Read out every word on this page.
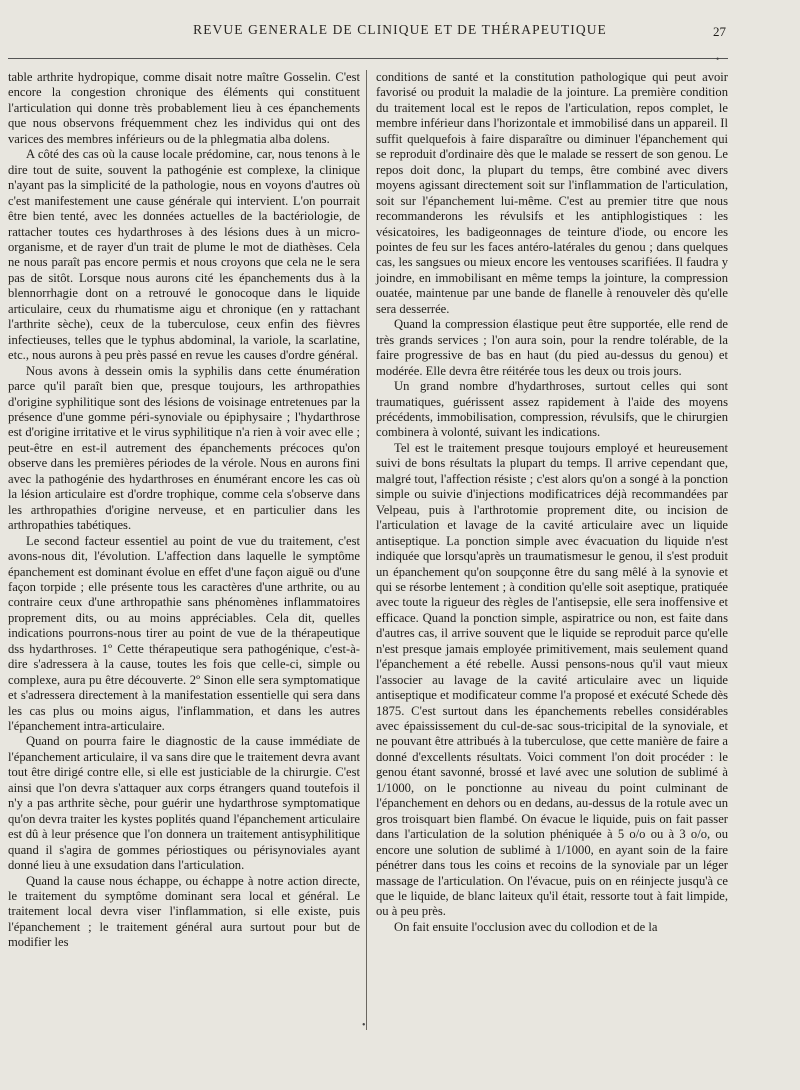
REVUE GENERALE DE CLINIQUE ET DE THÉRAPEUTIQUE	27
•

table arthrite hydropique, comme disait notre maître Gosselin. C'est encore la congestion chronique des éléments qui constituent l'articulation qui donne très probablement lieu à ces épanchements que nous observons fréquemment chez les individus qui ont des varices des membres inférieurs ou de la phlegmatia alba dolens.

A côté des cas où la cause locale prédomine, car, nous tenons à le dire tout de suite, souvent la pathogénie est complexe, la clinique n'ayant pas la simplicité de la pathologie, nous en voyons d'autres où c'est manifestement une cause générale qui intervient. L'on pourrait être bien tenté, avec les données actuelles de la bactériologie, de rattacher toutes ces hydarthroses à des lésions dues à un micro-organisme, et de rayer d'un trait de plume le mot de diathèses. Cela ne nous paraît pas encore permis et nous croyons que cela ne le sera pas de sitôt. Lorsque nous aurons cité les épanchements dus à la blennorrhagie dont on a retrouvé le gonocoque dans le liquide articulaire, ceux du rhumatisme aigu et chronique (en y rattachant l'arthrite sèche), ceux de la tuberculose, ceux enfin des fièvres infectieuses, telles que le typhus abdominal, la variole, la scarlatine, etc., nous aurons à peu près passé en revue les causes d'ordre général.

Nous avons à dessein omis la syphilis dans cette énumération parce qu'il paraît bien que, presque toujours, les arthropathies d'origine syphilitique sont des lésions de voisinage entretenues par la présence d'une gomme péri-synoviale ou épiphysaire ; l'hydarthrose est d'origine irritative et le virus syphilitique n'a rien à voir avec elle ; peut-être en est-il autrement des épanchements précoces qu'on observe dans les premières périodes de la vérole. Nous en aurons fini avec la pathogénie des hydarthroses en énumérant encore les cas où la lésion articulaire est d'ordre trophique, comme cela s'observe dans les arthropathies d'origine nerveuse, et en particulier dans les arthropathies tabétiques.

Le second facteur essentiel au point de vue du traitement, c'est avons-nous dit, l'évolution. L'affection dans laquelle le symptôme épanchement est dominant évolue en effet d'une façon aiguë ou d'une façon torpide ; elle présente tous les caractères d'une arthrite, ou au contraire ceux d'une arthropathie sans phénomènes inflammatoires proprement dits, ou au moins appréciables. Cela dit, quelles indications pourrons-nous tirer au point de vue de la thérapeutique dss hydarthroses. 1º Cette thérapeutique sera pathogénique, c'est-à-dire s'adressera à la cause, toutes les fois que celle-ci, simple ou complexe, aura pu être découverte. 2º Sinon elle sera symptomatique et s'adressera directement à la manifestation essentielle qui sera dans les cas plus ou moins aigus, l'inflammation, et dans les autres l'épanchement intra-articulaire.

Quand on pourra faire le diagnostic de la cause immédiate de l'épanchement articulaire, il va sans dire que le traitement devra avant tout être dirigé contre elle, si elle est justiciable de la chirurgie. C'est ainsi que l'on devra s'attaquer aux corps étrangers quand toutefois il n'y a pas arthrite sèche, pour guérir une hydarthrose symptomatique qu'on devra traiter les kystes poplités quand l'épanchement articulaire est dû à leur présence que l'on donnera un traitement antisyphilitique quand il s'agira de gommes périostiques ou périsynoviales ayant donné lieu à une exsudation dans l'articulation.

Quand la cause nous échappe, ou échappe à notre action directe, le traitement du symptôme dominant sera local et général. Le traitement local devra viser l'inflammation, si elle existe, puis l'épanchement ; le traitement général aura surtout pour but de modifier les

conditions de santé et la constitution pathologique qui peut avoir favorisé ou produit la maladie de la jointure. La première condition du traitement local est le repos de l'articulation, repos complet, le membre inférieur dans l'horizontale et immobilisé dans un appareil. Il suffit quelquefois à faire disparaître ou diminuer l'épanchement qui se reproduit d'ordinaire dès que le malade se ressert de son genou. Le repos doit donc, la plupart du temps, être combiné avec divers moyens agissant directement soit sur l'inflammation de l'articulation, soit sur l'épanchement lui-même. C'est au premier titre que nous recommanderons les révulsifs et les antiphlogistiques : les vésicatoires, les badigeonnages de teinture d'iode, ou encore les pointes de feu sur les faces antéro-latérales du genou ; dans quelques cas, les sangsues ou mieux encore les ventouses scarifiées. Il faudra y joindre, en immobilisant en même temps la jointure, la compression ouatée, maintenue par une bande de flanelle à renouveler dès qu'elle sera desserrée.

Quand la compression élastique peut être supportée, elle rend de très grands services ; l'on aura soin, pour la rendre tolérable, de la faire progressive de bas en haut (du pied au-dessus du genou) et modérée. Elle devra être réitérée tous les deux ou trois jours.

Un grand nombre d'hydarthroses, surtout celles qui sont traumatiques, guérissent assez rapidement à l'aide des moyens précédents, immobilisation, compression, révulsifs, que le chirurgien combinera à volonté, suivant les indications.

Tel est le traitement presque toujours employé et heureusement suivi de bons résultats la plupart du temps. Il arrive cependant que, malgré tout, l'affection résiste ; c'est alors qu'on a songé à la ponction simple ou suivie d'injections modificatrices déjà recommandées par Velpeau, puis à l'arthrotomie proprement dite, ou incision de l'articulation et lavage de la cavité articulaire avec un liquide antiseptique. La ponction simple avec évacuation du liquide n'est indiquée que lorsqu'après un traumatismesur le genou, il s'est produit un épanchement qu'on soupçonne être du sang mêlé à la synovie et qui se résorbe lentement ; à condition qu'elle soit aseptique, pratiquée avec toute la rigueur des règles de l'antisepsie, elle sera inoffensive et efficace. Quand la ponction simple, aspiratrice ou non, est faite dans d'autres cas, il arrive souvent que le liquide se reproduit parce qu'elle n'est presque jamais employée primitivement, mais seulement quand l'épanchement a été rebelle. Aussi pensons-nous qu'il vaut mieux l'associer au lavage de la cavité articulaire avec un liquide antiseptique et modificateur comme l'a proposé et exécuté Schede dès 1875. C'est surtout dans les épanchements rebelles considérables avec épaississement du cul-de-sac sous-tricipital de la synoviale, et ne pouvant être attribués à la tuberculose, que cette manière de faire a donné d'excellents résultats. Voici comment l'on doit procéder : le genou étant savonné, brossé et lavé avec une solution de sublimé à 1/1000, on le ponctionne au niveau du point culminant de l'épanchement en dehors ou en dedans, au-dessus de la rotule avec un gros troisquart bien flambé. On évacue le liquide, puis on fait passer dans l'articulation de la solution phéniquée à 5 o/o ou à 3 o/o, ou encore une solution de sublimé à 1/1000, en ayant soin de la faire pénétrer dans tous les coins et recoins de la synoviale par un léger massage de l'articulation. On l'évacue, puis on en réinjecte jusqu'à ce que le liquide, de blanc laiteux qu'il était, ressorte tout à fait limpide, ou à peu près.

On fait ensuite l'occlusion avec du collodion et de la

•
